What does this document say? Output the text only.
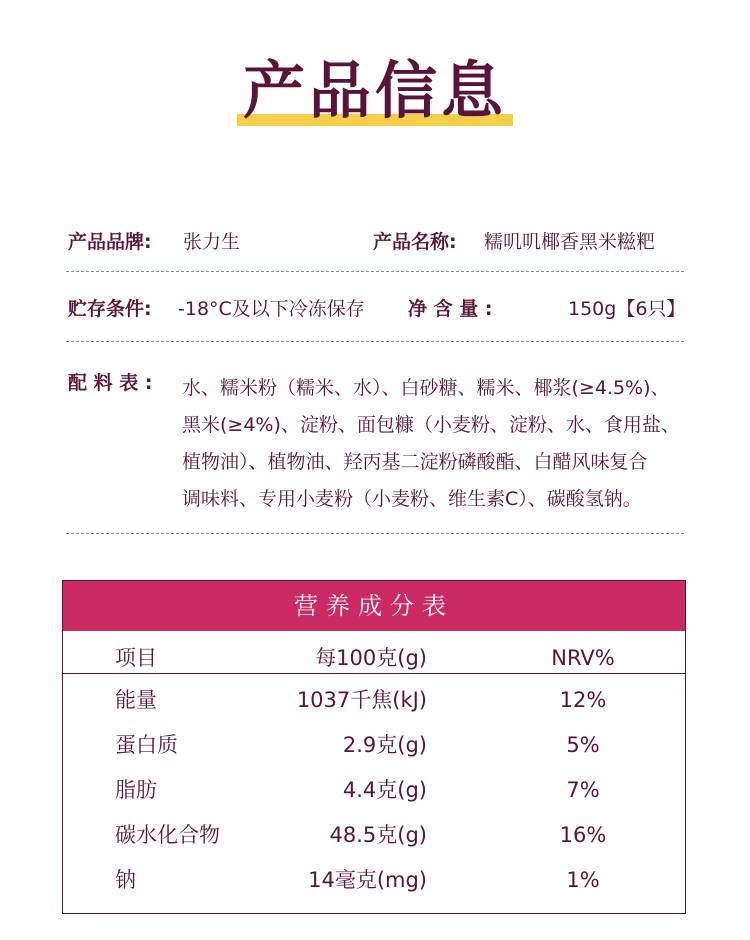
产品信息
产品品牌: 张力生	产品名称: 糯叽叽椰香黑米糍粑
贮存条件: -18°C及以下冷冻保存 净 含 量 :	150g【6只】
配 料 表 : 水、糯米粉（糯米、水）、白砂糖、糯米、椰浆(≥4.5%)、
黑米(≥4%)、淀粉、面包糠（小麦粉、淀粉、水、食用盐、
植物油）、植物油、羟丙基二淀粉磷酸酯、白醋风味复合
调味料、专用小麦粉（小麦粉、维生素C）、碳酸氢钠。
营养成分表
项目	每100克(g)	NRV%
能量	1037千焦(kJ)	12%
蛋白质	2.9克(g)	5%
脂肪	4.4克(g)	7%
碳水化合物	48.5克(g)	16%
钠	14毫克(mg)	1%
